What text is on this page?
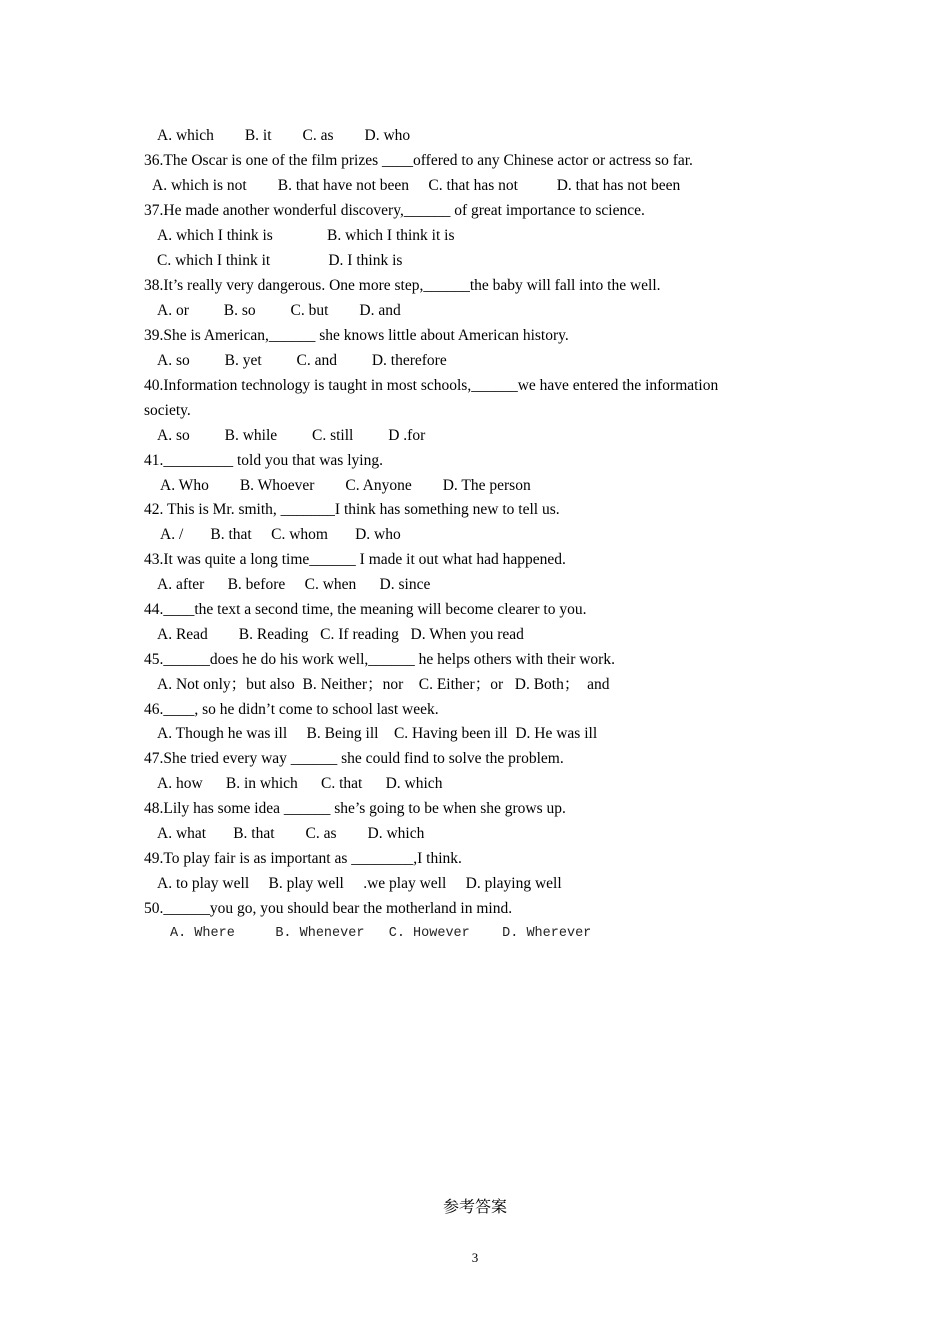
A. which        B. it        C. as        D. who
36.The Oscar is one of the film prizes ____offered to any Chinese actor or actress so far.
A. which is not        B. that have not been     C. that has not          D. that has not been
37.He made another wonderful discovery,______ of great importance to science.
A. which I think is              B. which I think it is
C. which I think it               D. I think is
38.It’s really very dangerous. One more step,______the baby will fall into the well.
A. or         B. so         C. but        D. and
39.She is American,______ she knows little about American history.
A. so         B. yet         C. and         D. therefore
40.Information technology is taught in most schools,______we have entered the information
society.
A. so         B. while         C. still         D .for
41._________ told you that was lying.
A. Who        B. Whoever        C. Anyone        D. The person
42. This is Mr. smith, _______I think has something new to tell us.
A. /       B. that     C. whom       D. who
43.It was quite a long time______ I made it out what had happened.
A. after      B. before     C. when      D. since
44.____the text a second time, the meaning will become clearer to you.
A. Read        B. Reading   C. If reading   D. When you read
45.______does he do his work well,______ he helps others with their work.
A. Not only；but also  B. Neither；nor    C. Either；or   D. Both；  and
46.____, so he didn’t come to school last week.
A. Though he was ill     B. Being ill    C. Having been ill  D. He was ill
47.She tried every way ______ she could find to solve the problem.
A. how      B. in which      C. that      D. which
48.Lily has some idea ______ she’s going to be when she grows up.
A. what       B. that        C. as        D. which
49.To play fair is as important as ________,I think.
A. to play well     B. play well     .we play well     D. playing well
50.______you go, you should bear the motherland in mind.
A. Where     B. Whenever   C. However    D. Wherever
参考答案
3
